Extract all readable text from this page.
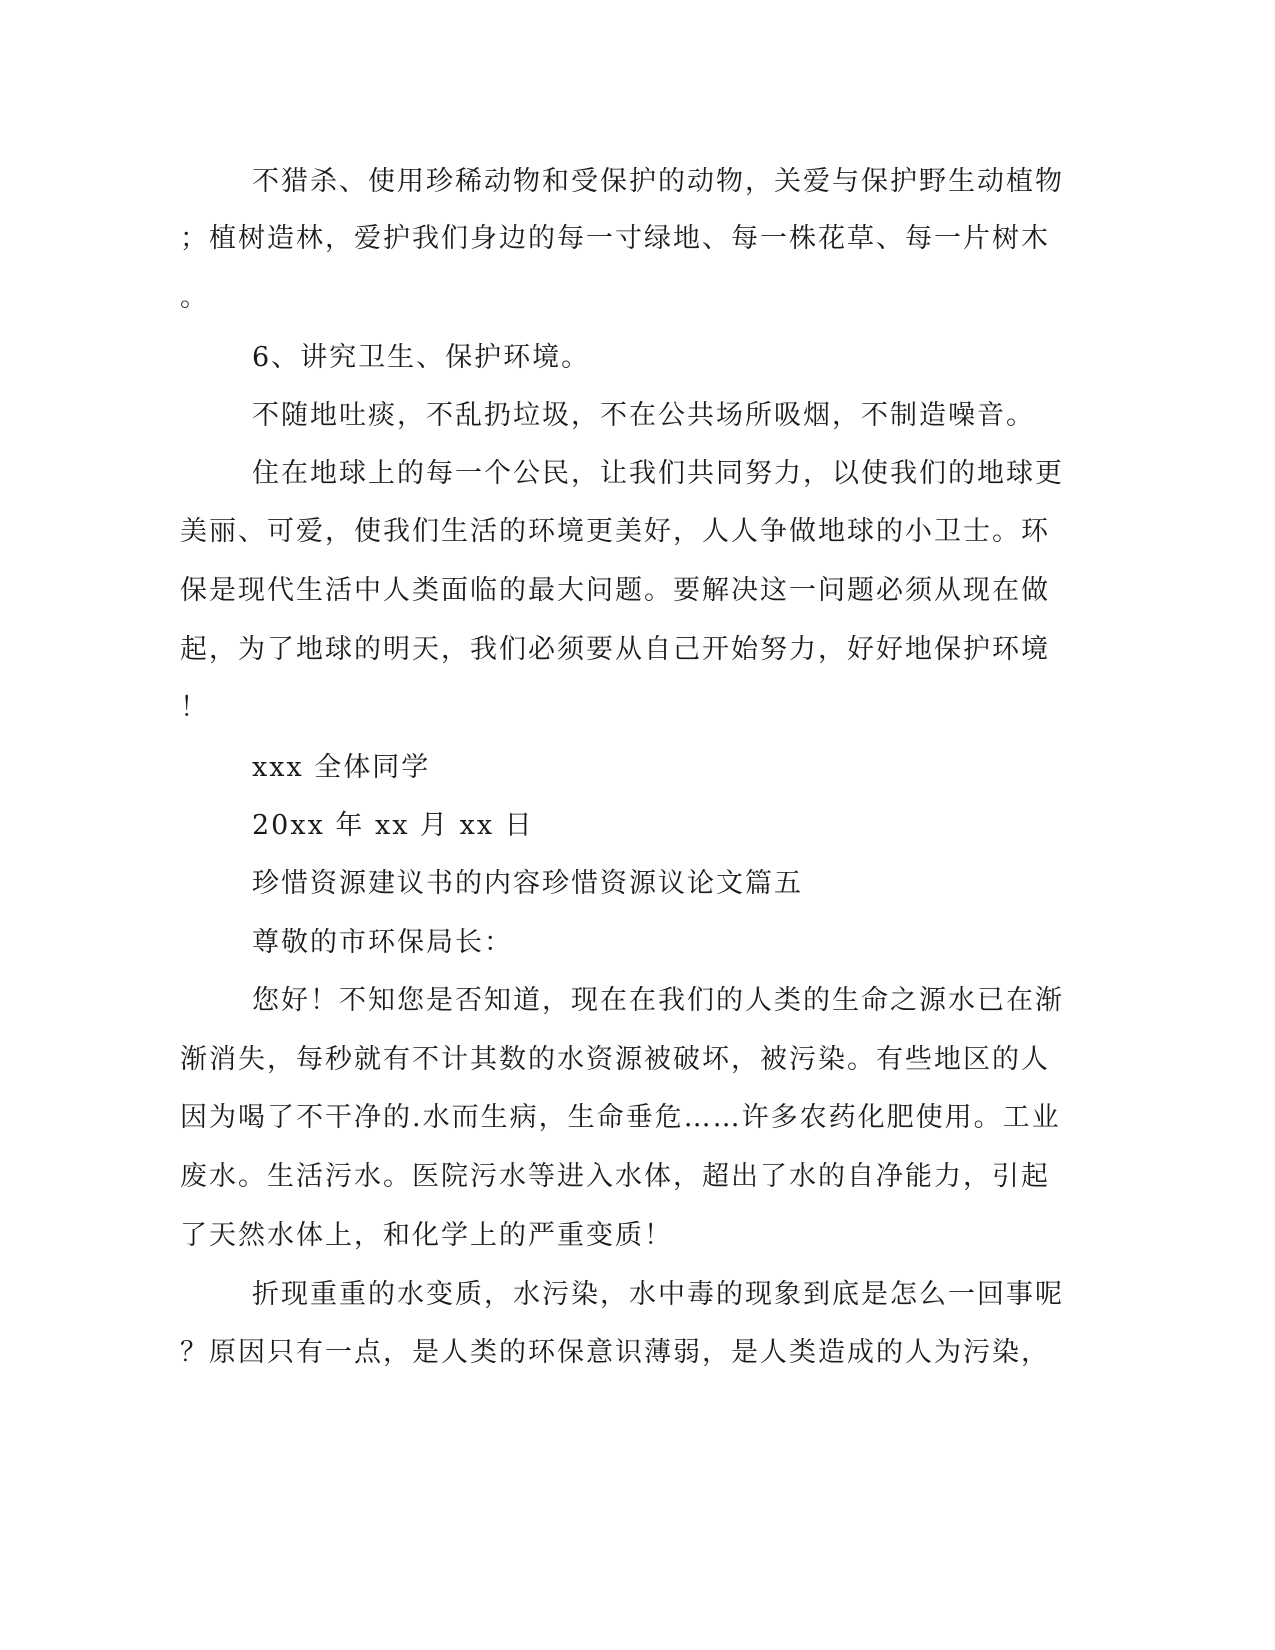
不猎杀、使用珍稀动物和受保护的动物，关爱与保护野生动植物

；植树造林，爱护我们身边的每一寸绿地、每一株花草、每一片树木

。

6、讲究卫生、保护环境。

不随地吐痰，不乱扔垃圾，不在公共场所吸烟，不制造噪音。

住在地球上的每一个公民，让我们共同努力，以使我们的地球更

美丽、可爱，使我们生活的环境更美好，人人争做地球的小卫士。环

保是现代生活中人类面临的最大问题。要解决这一问题必须从现在做

起，为了地球的明天，我们必须要从自己开始努力，好好地保护环境

！

xxx 全体同学

20xx 年 xx 月 xx 日

珍惜资源建议书的内容珍惜资源议论文篇五

尊敬的市环保局长：

您好！不知您是否知道，现在在我们的人类的生命之源水已在渐

渐消失，每秒就有不计其数的水资源被破坏，被污染。有些地区的人

因为喝了不干净的.水而生病，生命垂危……许多农药化肥使用。工业

废水。生活污水。医院污水等进入水体，超出了水的自净能力，引起

了天然水体上，和化学上的严重变质！

折现重重的水变质，水污染，水中毒的现象到底是怎么一回事呢

？原因只有一点，是人类的环保意识薄弱，是人类造成的人为污染，
